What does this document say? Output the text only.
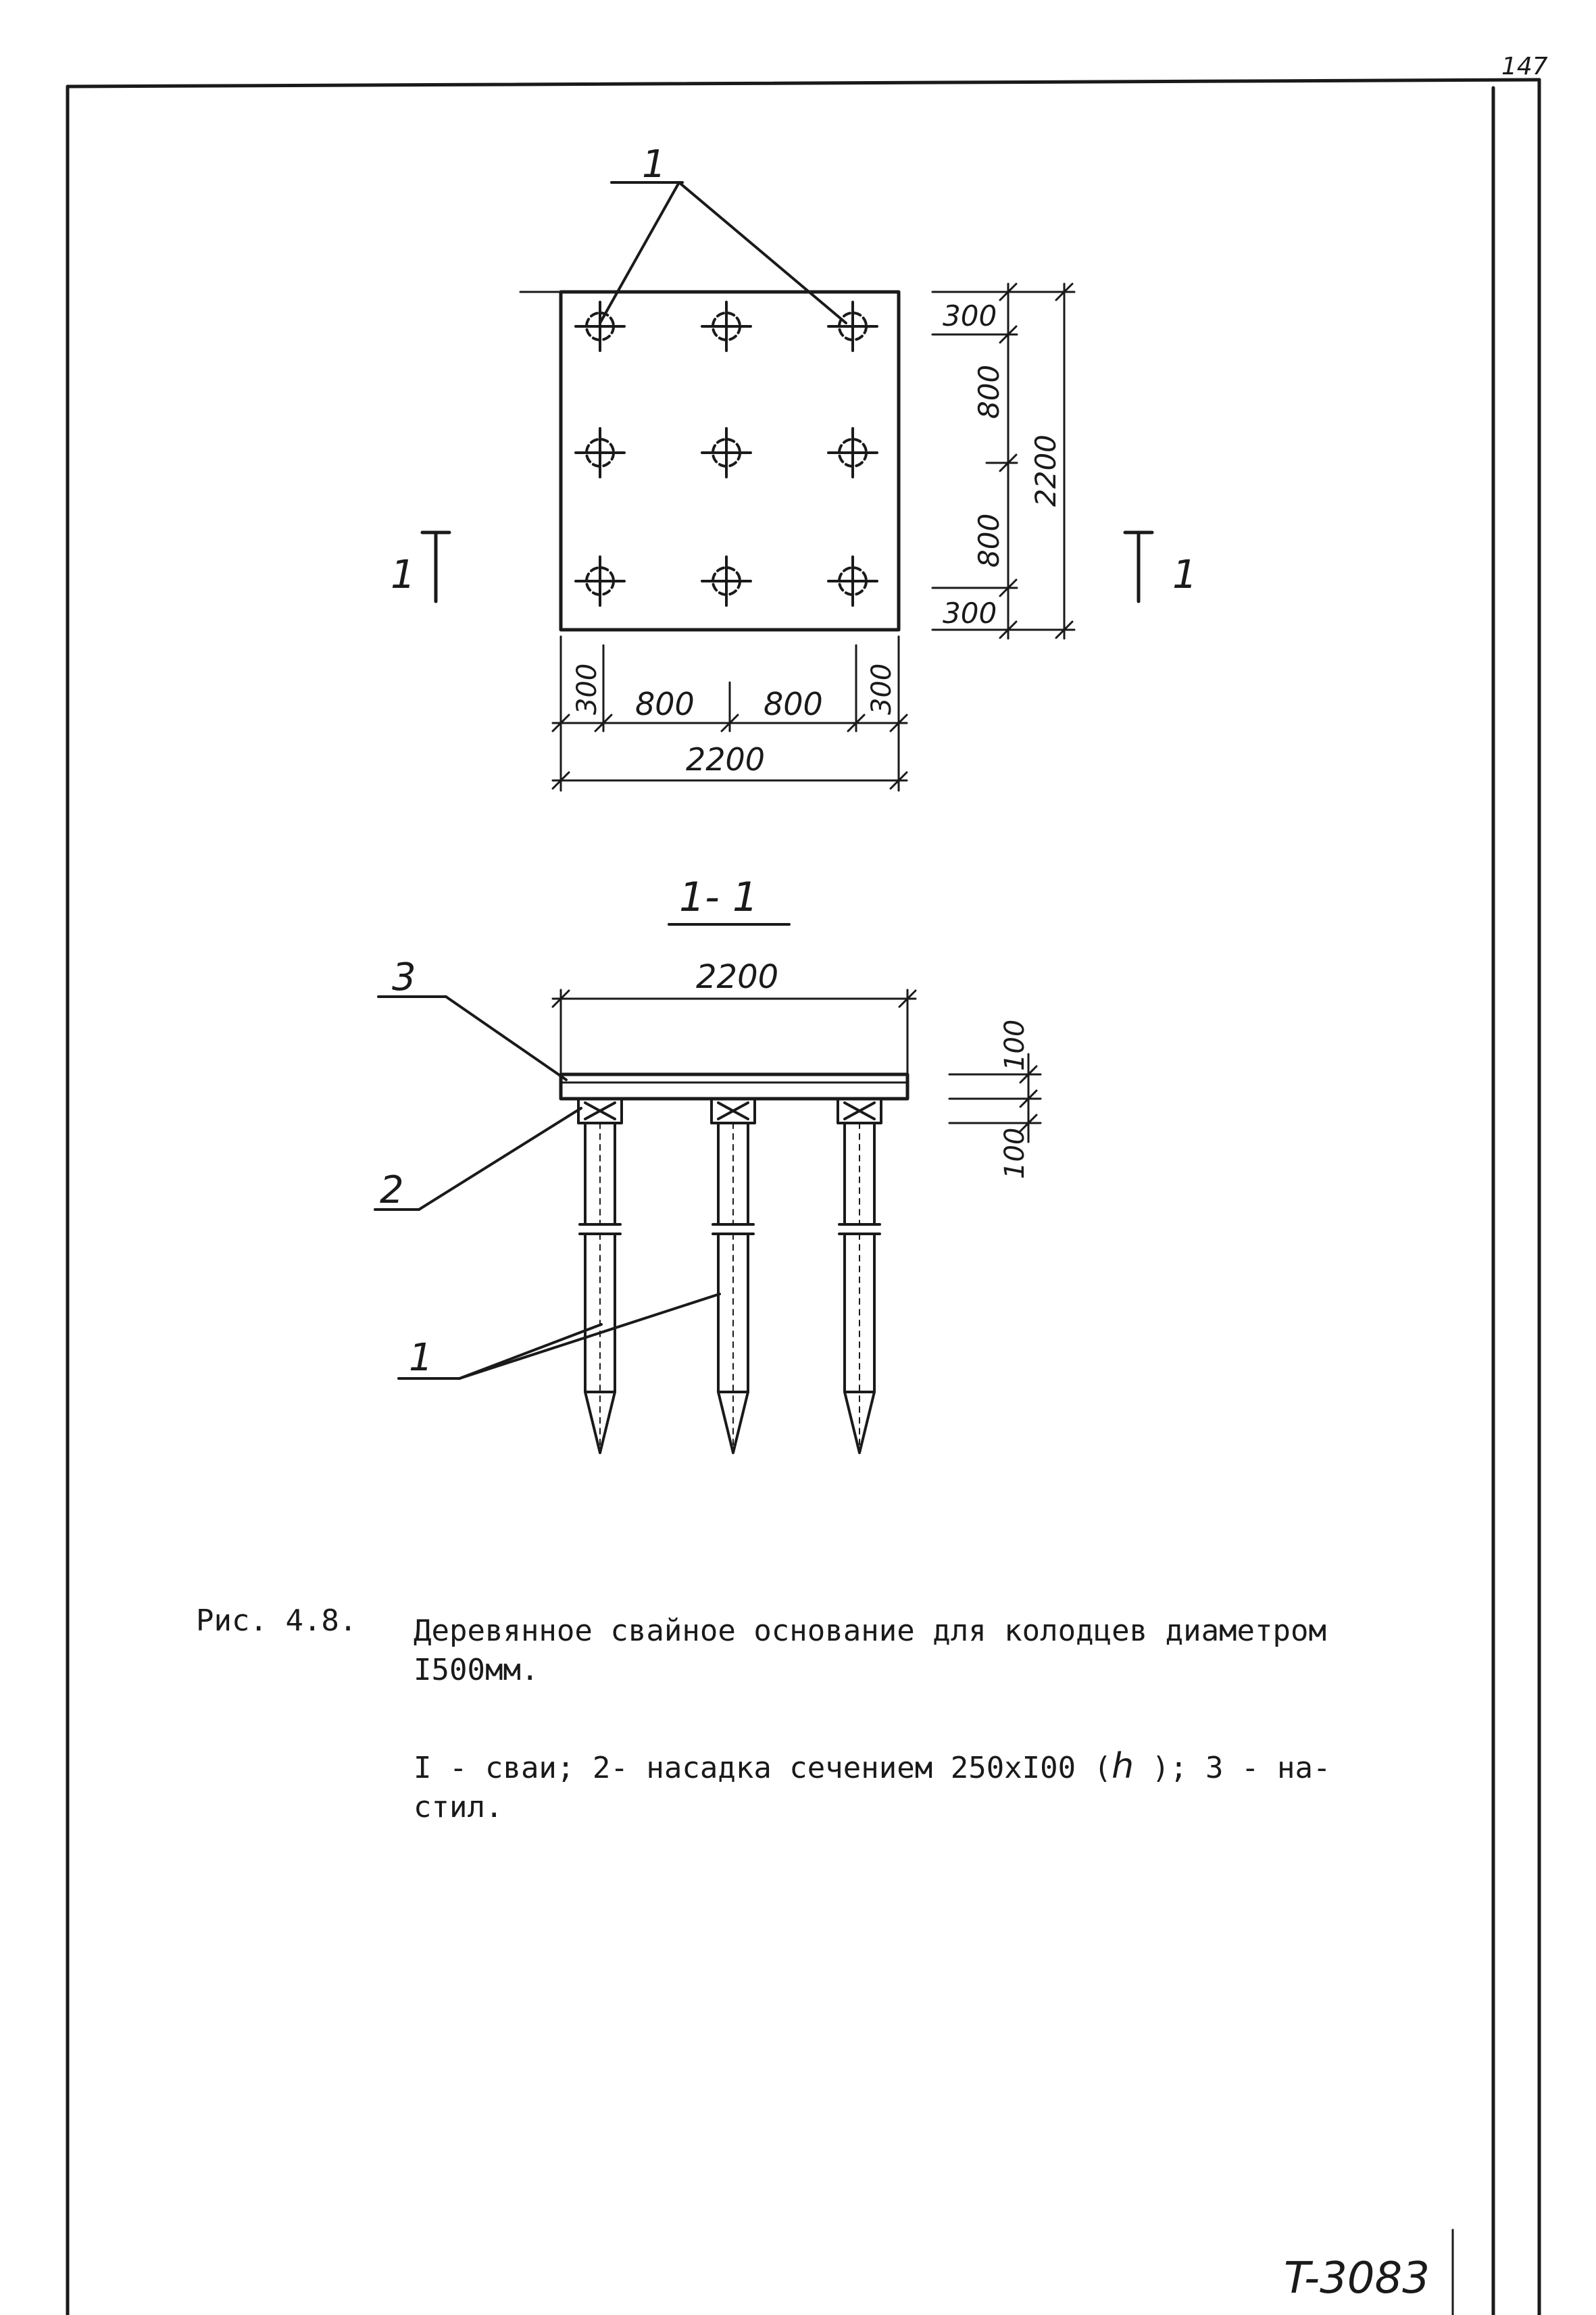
147
1
1	1
300
800
800
300
2200
300 800 800 300
2200
1- 1
2200
100
100
3
2
1
Рис. 4.8.	Деревянное свайное основание для колодцев диаметром
I500мм.
I - сваи; 2- насадка сечением 250хI00 (h ); 3 - на-
стил.
T-3083
